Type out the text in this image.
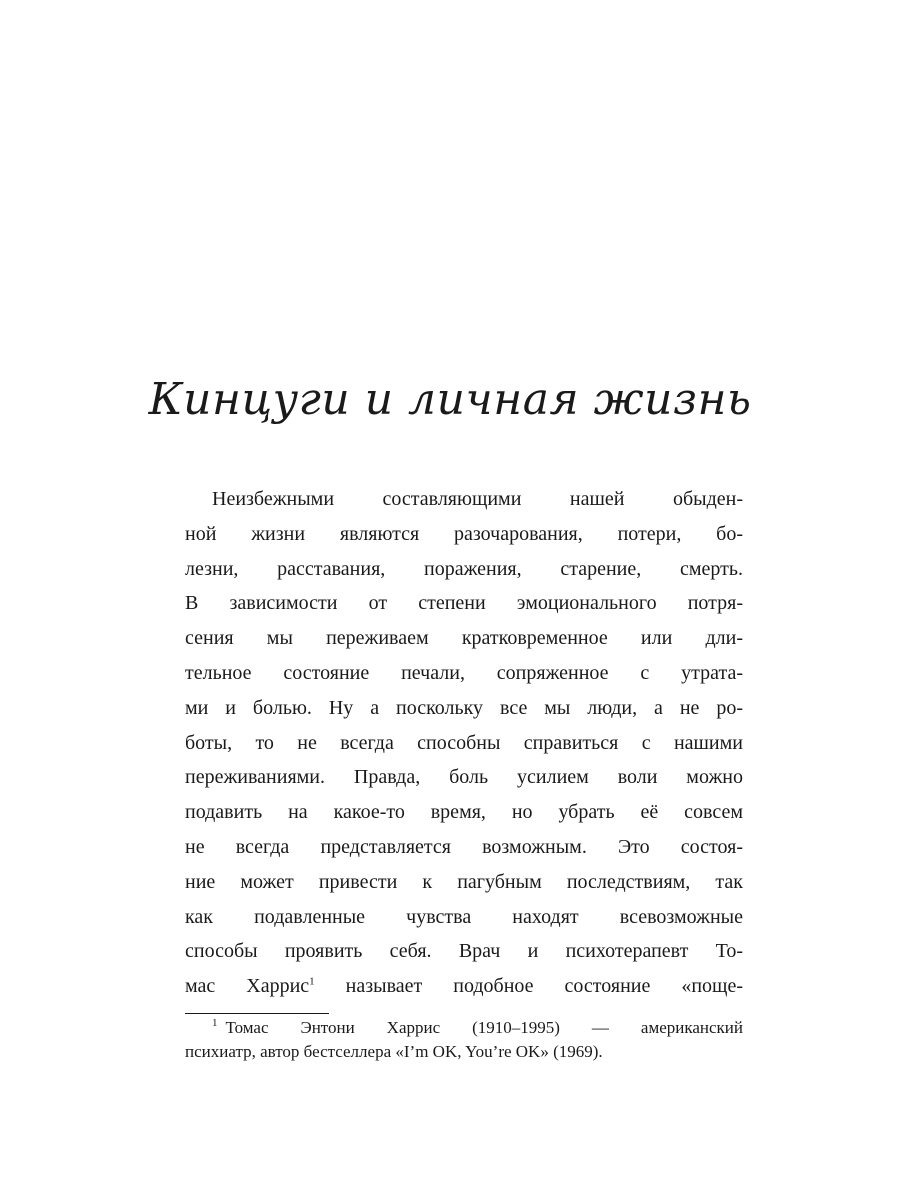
Кинцуги и личная жизнь
Неизбежными составляющими нашей обыден-
ной жизни являются разочарования, потери, бо-
лезни, расставания, поражения, старение, смерть.
В зависимости от степени эмоционального потря-
сения мы переживаем кратковременное или дли-
тельное состояние печали, сопряженное с утрата-
ми и болью. Ну а поскольку все мы люди, а не ро-
боты, то не всегда способны справиться с нашими
переживаниями. Правда, боль усилием воли можно
подавить на какое-то время, но убрать её совсем
не всегда представляется возможным. Это состоя-
ние может привести к пагубным последствиям, так
как подавленные чувства находят всевозможные
способы проявить себя. Врач и психотерапевт То-
мас Харрис$^1$ называет подобное состояние «поще-
$^1$ Томас Энтони Харрис (1910–1995) — американский
психиатр, автор бестселлера «I’m OK, You’re OK» (1969).
